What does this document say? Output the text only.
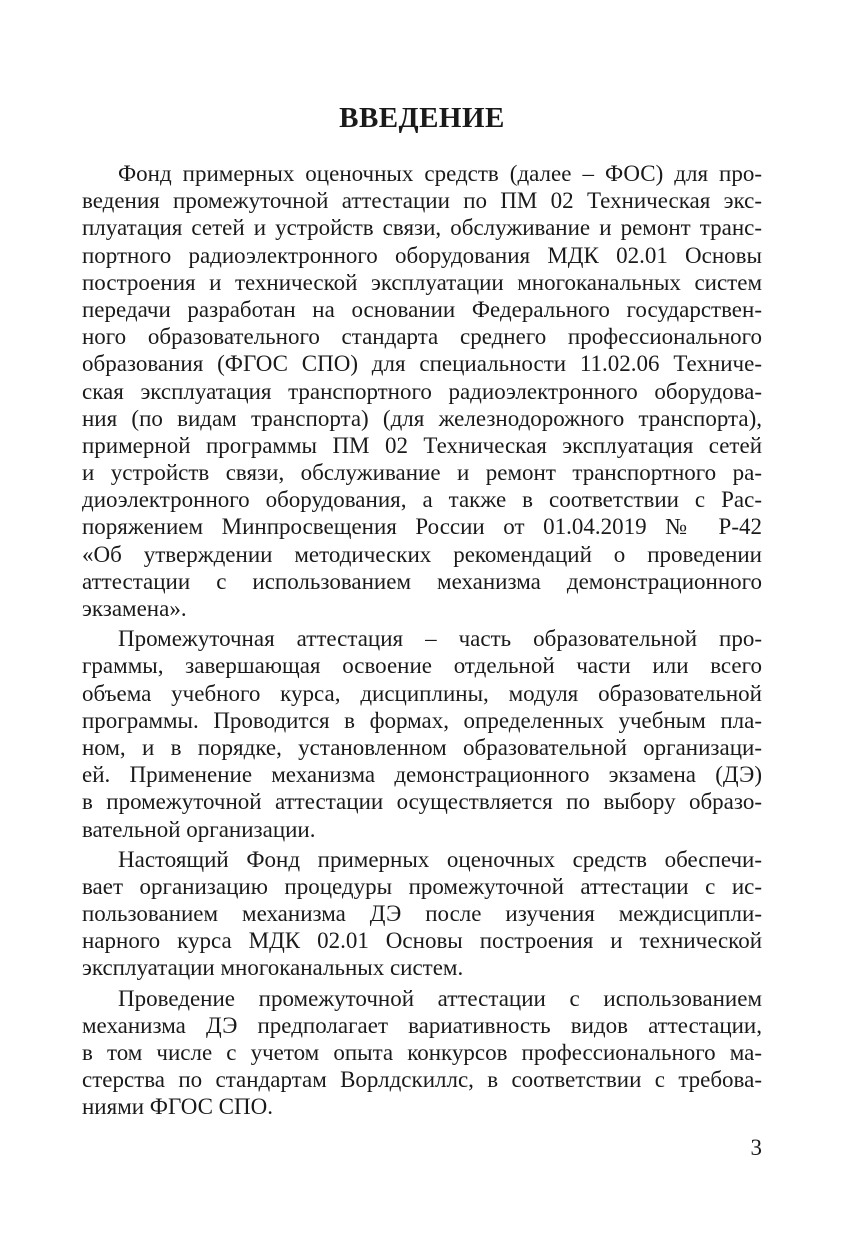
ВВЕДЕНИЕ
Фонд примерных оценочных средств (далее – ФОС) для про-
ведения промежуточной аттестации по ПМ 02 Техническая экс-
плуатация сетей и устройств связи, обслуживание и ремонт транс-
портного радиоэлектронного оборудования МДК 02.01 Основы
построения и технической эксплуатации многоканальных систем
передачи разработан на основании Федерального государствен-
ного образовательного стандарта среднего профессионального
образования (ФГОС СПО) для специальности 11.02.06 Техниче-
ская эксплуатация транспортного радиоэлектронного оборудова-
ния (по видам транспорта) (для железнодорожного транспорта),
примерной программы ПМ 02 Техническая эксплуатация сетей
и устройств связи, обслуживание и ремонт транспортного ра-
диоэлектронного оборудования, а также в соответствии с Рас-
поряжением Минпросвещения России от 01.04.2019 № Р-42
«Об утверждении методических рекомендаций о проведении
аттестации с использованием механизма демонстрационного
экзамена».
Промежуточная аттестация – часть образовательной про-
граммы, завершающая освоение отдельной части или всего
объема учебного курса, дисциплины, модуля образовательной
программы. Проводится в формах, определенных учебным пла-
ном, и в порядке, установленном образовательной организаци-
ей. Применение механизма демонстрационного экзамена (ДЭ)
в промежуточной аттестации осуществляется по выбору образо-
вательной организации.
Настоящий Фонд примерных оценочных средств обеспечи-
вает организацию процедуры промежуточной аттестации с ис-
пользованием механизма ДЭ после изучения междисципли-
нарного курса МДК 02.01 Основы построения и технической
эксплуатации многоканальных систем.
Проведение промежуточной аттестации с использованием
механизма ДЭ предполагает вариативность видов аттестации,
в том числе с учетом опыта конкурсов профессионального ма-
стерства по стандартам Ворлдскиллс, в соответствии с требова-
ниями ФГОС СПО.
3
